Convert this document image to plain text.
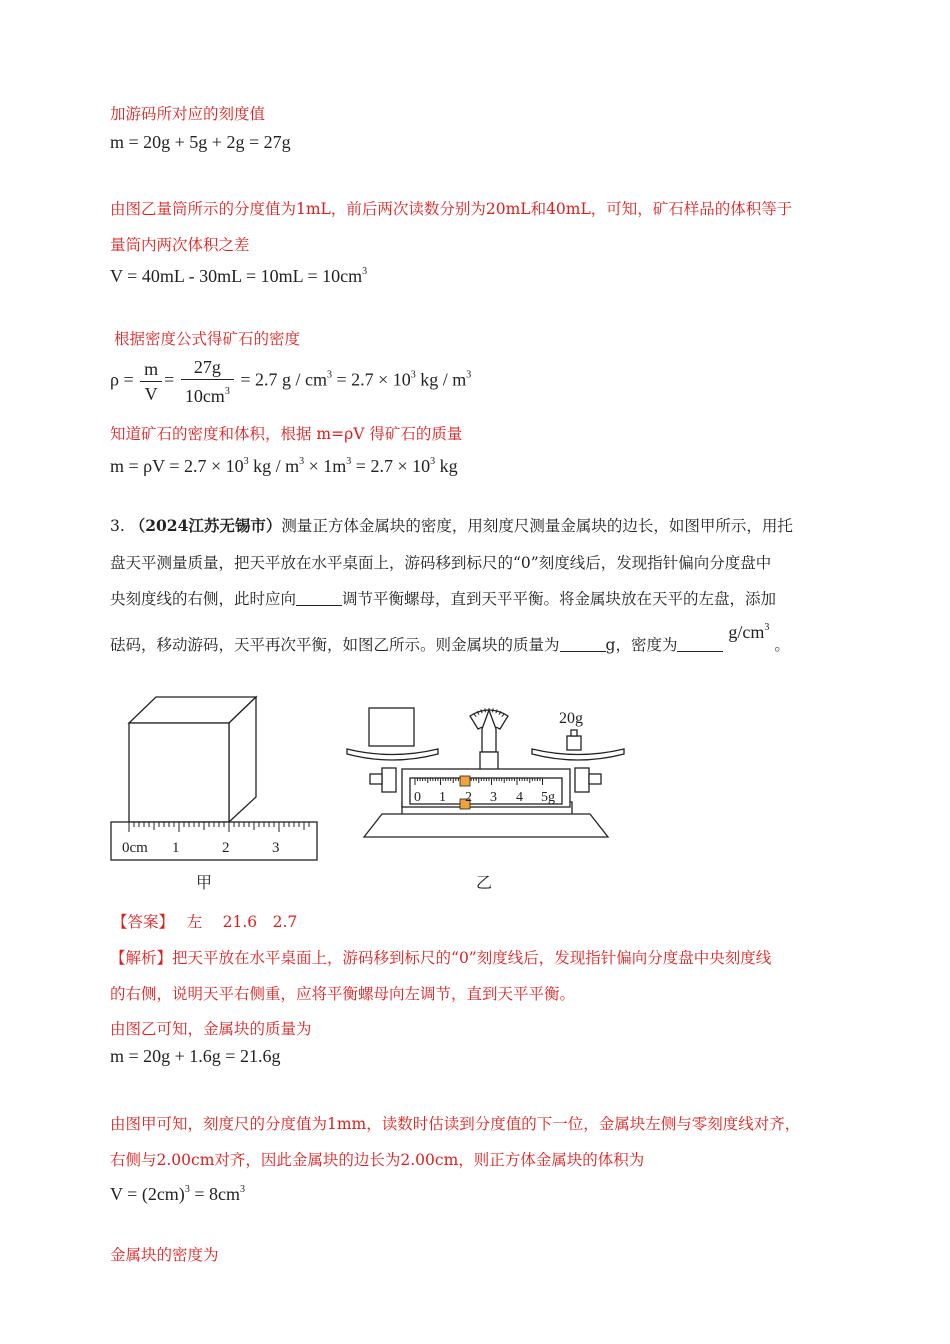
加游码所对应的刻度值
m = 20g + 5g + 2g = 27g
由图乙量筒所示的分度值为1mL，前后两次读数分别为20mL和40mL，可知，矿石样品的体积等于
量筒内两次体积之差
$V = 40mL - 30mL = 10mL = 10cm^3$
根据密度公式得矿石的密度
$\rho = \frac{m}{V} = \frac{27g}{10cm^3} = 2.7$ $g / cm^3 = 2.7 \times 10^3$ kg / $m^3$
知道矿石的密度和体积，根据 m=ρV 得矿石的质量
$m = \rho V = 2.7 \times 10^3$ kg / $m^3 \times 1m^3 = 2.7 \times 10^3$ kg

3. （2024江苏无锡市）测量正方体金属块的密度，用刻度尺测量金属块的边长，如图甲所示，用托

盘天平测量质量，把天平放在水平桌面上，游码移到标尺的“0”刻度线后，发现指针偏向分度盘中

央刻度线的右侧，此时应向	调节平衡螺母，直到天平平衡。将金属块放在天平的左盘，添加

砝码，移动游码，天平再次平衡，如图乙所示。则金属块的质量为	g，密度为 $g/cm^3$ 。

0cm 1	2	3
甲
20g
0 1 2 3 4 5g
乙
【答案】　 左　 21.6　2.7
【解析】把天平放在水平桌面上，游码移到标尺的“0”刻度线后，发现指针偏向分度盘中央刻度线
的右侧，说明天平右侧重，应将平衡螺母向左调节，直到天平平衡。
由图乙可知，金属块的质量为
m = 20g + 1.6g = 21.6g
由图甲可知，刻度尺的分度值为1mm，读数时估读到分度值的下一位，金属块左侧与零刻度线对齐，
右侧与2.00cm对齐，因此金属块的边长为2.00cm，则正方体金属块的体积为
$V = (2cm)^3 = 8cm^3$
金属块的密度为
